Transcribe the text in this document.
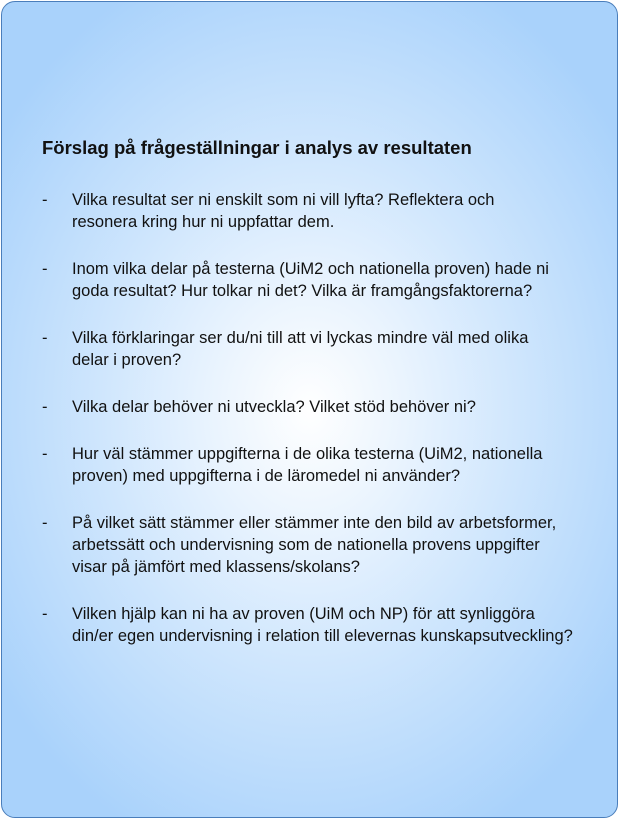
Förslag på frågeställningar i analys av resultaten
- Vilka resultat ser ni enskilt som ni vill lyfta? Reflektera och
resonera kring hur ni uppfattar dem.
- Inom vilka delar på testerna (UiM2 och nationella proven) hade ni
goda resultat? Hur tolkar ni det? Vilka är framgångsfaktorerna?
- Vilka förklaringar ser du/ni till att vi lyckas mindre väl med olika
delar i proven?
- Vilka delar behöver ni utveckla? Vilket stöd behöver ni?
- Hur väl stämmer uppgifterna i de olika testerna (UiM2, nationella
proven) med uppgifterna i de läromedel ni använder?
- På vilket sätt stämmer eller stämmer inte den bild av arbetsformer,
arbetssätt och undervisning som de nationella provens uppgifter
visar på jämfört med klassens/skolans?
- Vilken hjälp kan ni ha av proven (UiM och NP) för att synliggöra
din/er egen undervisning i relation till elevernas kunskapsutveckling?
